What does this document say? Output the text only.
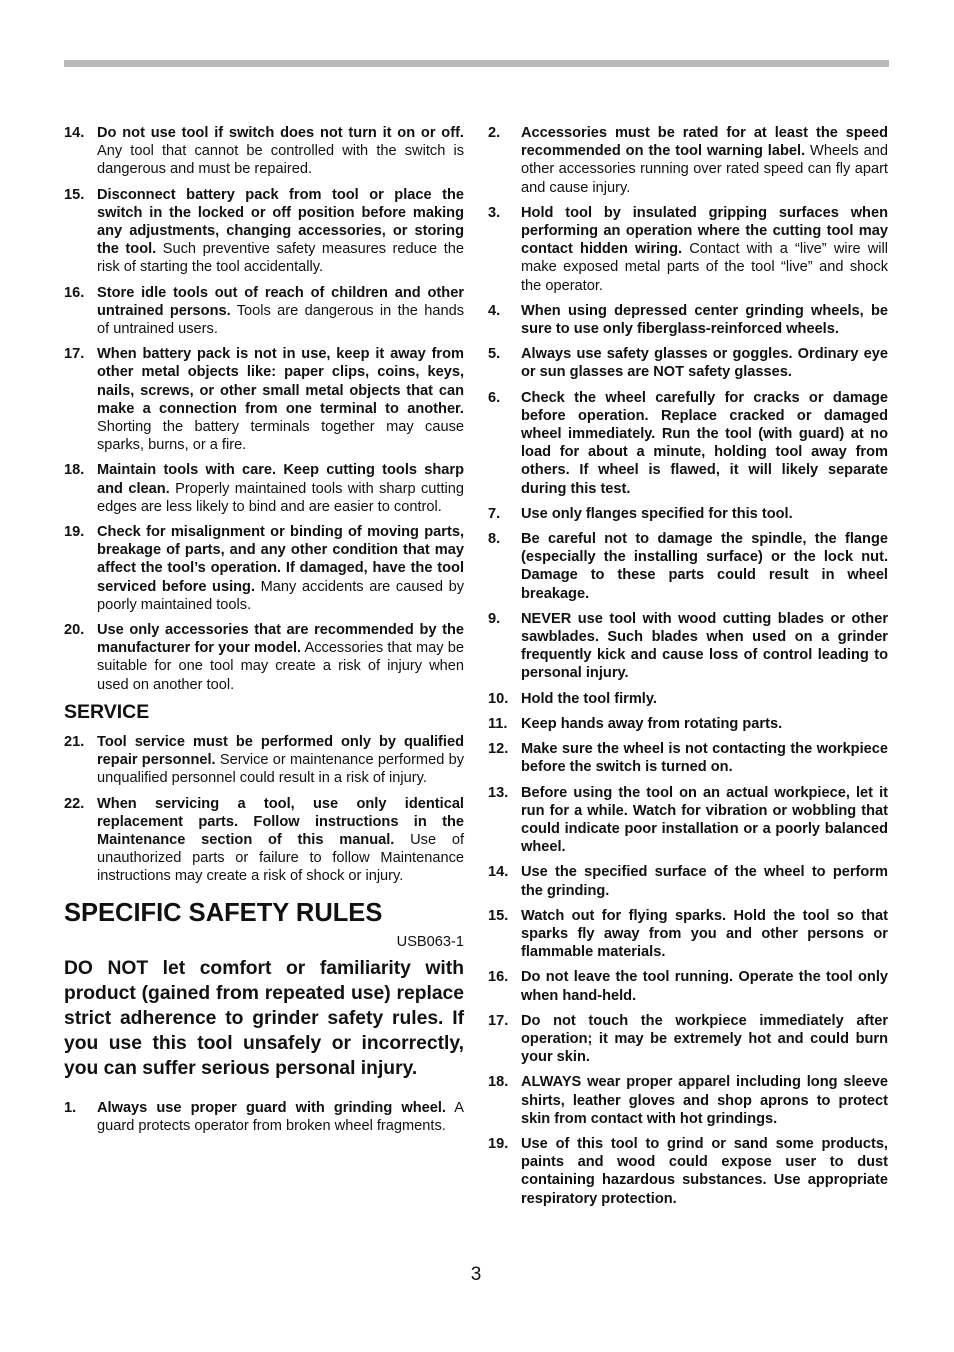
14. Do not use tool if switch does not turn it on or off. Any tool that cannot be controlled with the switch is dangerous and must be repaired.
15. Disconnect battery pack from tool or place the switch in the locked or off position before making any adjustments, changing accessories, or storing the tool. Such preventive safety measures reduce the risk of starting the tool accidentally.
16. Store idle tools out of reach of children and other untrained persons. Tools are dangerous in the hands of untrained users.
17. When battery pack is not in use, keep it away from other metal objects like: paper clips, coins, keys, nails, screws, or other small metal objects that can make a connection from one terminal to another. Shorting the battery terminals together may cause sparks, burns, or a fire.
18. Maintain tools with care. Keep cutting tools sharp and clean. Properly maintained tools with sharp cutting edges are less likely to bind and are easier to control.
19. Check for misalignment or binding of moving parts, breakage of parts, and any other condition that may affect the tool’s operation. If damaged, have the tool serviced before using. Many accidents are caused by poorly maintained tools.
20. Use only accessories that are recommended by the manufacturer for your model. Accessories that may be suitable for one tool may create a risk of injury when used on another tool.
SERVICE
21. Tool service must be performed only by qualified repair personnel. Service or maintenance performed by unqualified personnel could result in a risk of injury.
22. When servicing a tool, use only identical replacement parts. Follow instructions in the Maintenance section of this manual. Use of unauthorized parts or failure to follow Maintenance instructions may create a risk of shock or injury.
SPECIFIC SAFETY RULES
USB063-1
DO NOT let comfort or familiarity with product (gained from repeated use) replace strict adherence to grinder safety rules. If you use this tool unsafely or incorrectly, you can suffer serious personal injury.
1. Always use proper guard with grinding wheel. A guard protects operator from broken wheel fragments.
2. Accessories must be rated for at least the speed recommended on the tool warning label. Wheels and other accessories running over rated speed can fly apart and cause injury.
3. Hold tool by insulated gripping surfaces when performing an operation where the cutting tool may contact hidden wiring. Contact with a “live” wire will make exposed metal parts of the tool “live” and shock the operator.
4. When using depressed center grinding wheels, be sure to use only fiberglass-reinforced wheels.
5. Always use safety glasses or goggles. Ordinary eye or sun glasses are NOT safety glasses.
6. Check the wheel carefully for cracks or damage before operation. Replace cracked or damaged wheel immediately. Run the tool (with guard) at no load for about a minute, holding tool away from others. If wheel is flawed, it will likely separate during this test.
7. Use only flanges specified for this tool.
8. Be careful not to damage the spindle, the flange (especially the installing surface) or the lock nut. Damage to these parts could result in wheel breakage.
9. NEVER use tool with wood cutting blades or other sawblades. Such blades when used on a grinder frequently kick and cause loss of control leading to personal injury.
10. Hold the tool firmly.
11. Keep hands away from rotating parts.
12. Make sure the wheel is not contacting the workpiece before the switch is turned on.
13. Before using the tool on an actual workpiece, let it run for a while. Watch for vibration or wobbling that could indicate poor installation or a poorly balanced wheel.
14. Use the specified surface of the wheel to perform the grinding.
15. Watch out for flying sparks. Hold the tool so that sparks fly away from you and other persons or flammable materials.
16. Do not leave the tool running. Operate the tool only when hand-held.
17. Do not touch the workpiece immediately after operation; it may be extremely hot and could burn your skin.
18. ALWAYS wear proper apparel including long sleeve shirts, leather gloves and shop aprons to protect skin from contact with hot grindings.
19. Use of this tool to grind or sand some products, paints and wood could expose user to dust containing hazardous substances. Use appropriate respiratory protection.
3
